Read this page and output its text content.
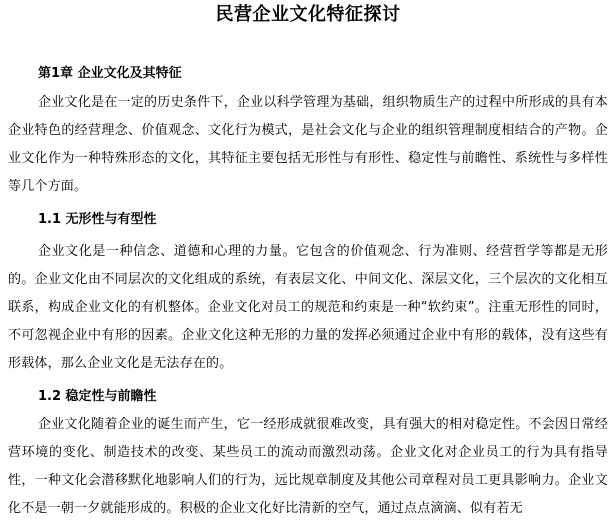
民营企业文化特征探讨
第1章 企业文化及其特征
企业文化是在一定的历史条件下，企业以科学管理为基础，组织物质生产的过程中所形成的具有本企业特色的经营理念、价值观念、文化行为模式，是社会文化与企业的组织管理制度相结合的产物。企业文化作为一种特殊形态的文化，其特征主要包括无形性与有形性、稳定性与前瞻性、系统性与多样性等几个方面。
1.1 无形性与有型性
企业文化是一种信念、道德和心理的力量。它包含的价值观念、行为准则、经营哲学等都是无形的。企业文化由不同层次的文化组成的系统，有表层文化、中间文化、深层文化，三个层次的文化相互联系，构成企业文化的有机整体。企业文化对员工的规范和约束是一种“软约束”。注重无形性的同时，不可忽视企业中有形的因素。企业文化这种无形的力量的发挥必须通过企业中有形的载体，没有这些有形载体，那么企业文化是无法存在的。
1.2 稳定性与前瞻性
企业文化随着企业的诞生而产生，它一经形成就很难改变，具有强大的相对稳定性。不会因日常经营环境的变化、制造技术的改变、某些员工的流动而激烈动荡。企业文化对企业员工的行为具有指导性，一种文化会潜移默化地影响人们的行为，远比规章制度及其他公司章程对员工更具影响力。企业文化不是一朝一夕就能形成的。积极的企业文化好比清新的空气，通过点点滴滴、似有若无
